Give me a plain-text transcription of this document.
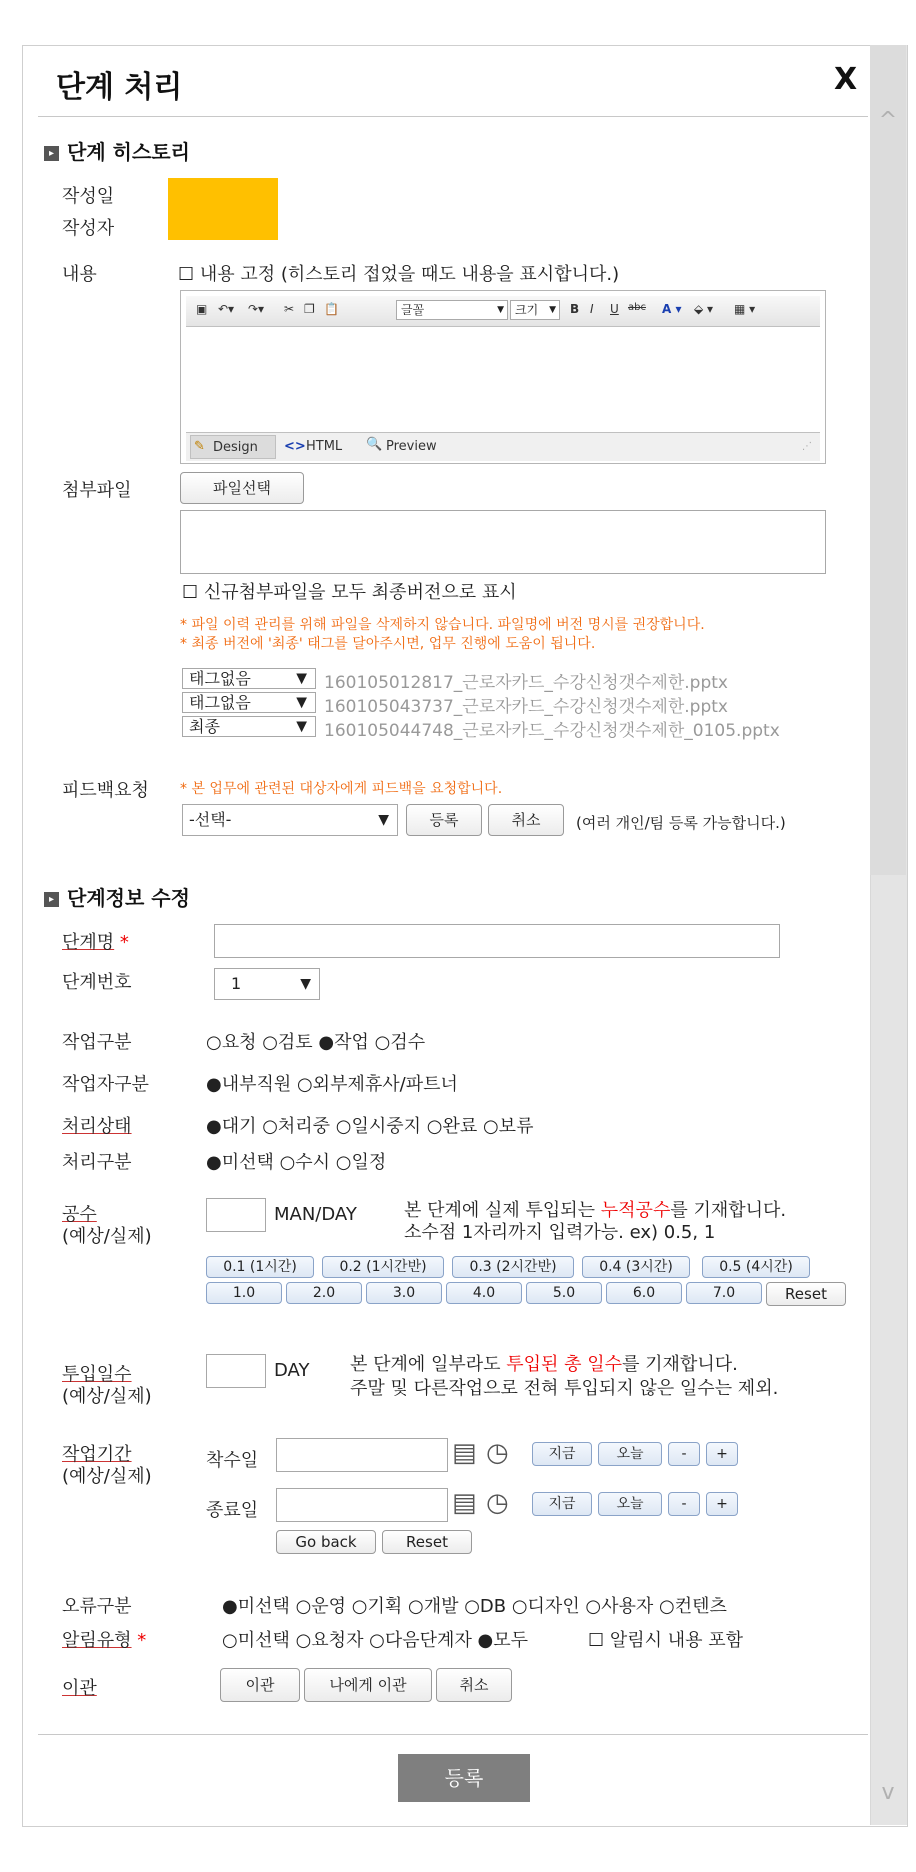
^
v
단계 처리	X
▸ 단계 히스토리
작성일
작성자
내용	☐ 내용 고정 (히스토리 접었을 때도 내용을 표시합니다.)
▣ ↶▾ ↷▾ ✂ ❐ 📋	글꼴	▼ 크기 ▼ B I U abc A ▾ ⬙ ▾ ▦ ▾
Design
✎	<> HTML 🔍 Preview	⋰
첨부파일	파일선택
☐ 신규첨부파일을 모두 최종버전으로 표시
* 파일 이력 관리를 위해 파일을 삭제하지 않습니다. 파일명에 버전 명시를 권장합니다.
* 최종 버전에 '최종' 태그를 달아주시면, 업무 진행에 도움이 됩니다.
태그없음	▼ 160105012817_근로자카드_수강신청갯수제한.pptx
태그없음	▼ 160105043737_근로자카드_수강신청갯수제한.pptx
최종	▼ 160105044748_근로자카드_수강신청갯수제한_0105.pptx
피드백요청 * 본 업무에 관련된 대상자에게 피드백을 요청합니다.
-선택-	▼	등록	취소	(여러 개인/팀 등록 가능합니다.)
▸ 단계정보 수정
단계명 *
단계번호	1	▼
작업구분	○요청 ○검토 ●작업 ○검수
작업자구분	●내부직원 ○외부제휴사/파트너
처리상태	●대기 ○처리중 ○일시중지 ○완료 ○보류
처리구분	●미선택 ○수시 ○일정
공수
(예상/실제)
MAN/DAY	본 단계에 실제 투입되는 누적공수를 기재합니다.
소수점 1자리까지 입력가능. ex) 0.5, 1
0.1 (1시간)	0.2 (1시간반)	0.3 (2시간반)	0.4 (3시간)	0.5 (4시간)
1.0	2.0	3.0	4.0	5.0	6.0	7.0	Reset
투입일수
(예상/실제)
DAY 본 단계에 일부라도 투입된 총 일수를 기재합니다.
주말 및 다른작업으로 전혀 투입되지 않은 일수는 제외.
작업기간
(예상/실제)
착수일	▤ ◷	지금	오늘	-	+
종료일	▤ ◷	지금	오늘	-	+
Go back	Reset
오류구분	●미선택 ○운영 ○기획 ○개발 ○DB ○디자인 ○사용자 ○컨텐츠
알림유형 *	○미선택 ○요청자 ○다음단계자 ●모두	☐ 알림시 내용 포함
이관	이관	나에게 이관	취소
등록
